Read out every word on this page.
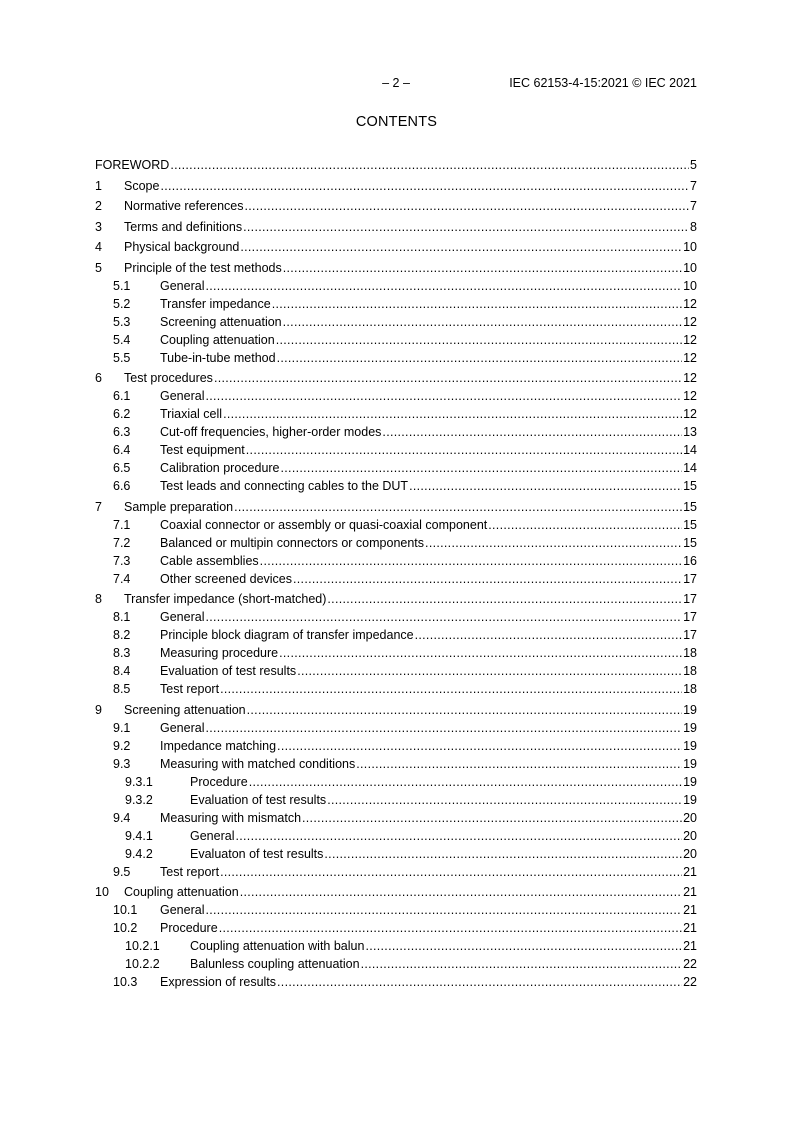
– 2 –	IEC 62153-4-15:2021 © IEC 2021
CONTENTS
FOREWORD .....	5
1	Scope .....	7
2	Normative references .....	7
3	Terms and definitions .....	8
4	Physical background .....	10
5	Principle of the test methods .....	10
5.1	General .....	10
5.2	Transfer impedance .....	12
5.3	Screening attenuation .....	12
5.4	Coupling attenuation .....	12
5.5	Tube-in-tube method .....	12
6	Test procedures .....	12
6.1	General .....	12
6.2	Triaxial cell .....	12
6.3	Cut-off frequencies, higher-order modes .....	13
6.4	Test equipment .....	14
6.5	Calibration procedure .....	14
6.6	Test leads and connecting cables to the DUT .....	15
7	Sample preparation .....	15
7.1	Coaxial connector or assembly or quasi-coaxial component .....	15
7.2	Balanced or multipin connectors or components .....	15
7.3	Cable assemblies .....	16
7.4	Other screened devices .....	17
8	Transfer impedance (short-matched) .....	17
8.1	General .....	17
8.2	Principle block diagram of transfer impedance .....	17
8.3	Measuring procedure .....	18
8.4	Evaluation of test results .....	18
8.5	Test report .....	18
9	Screening attenuation .....	19
9.1	General .....	19
9.2	Impedance matching .....	19
9.3	Measuring with matched conditions .....	19
9.3.1	Procedure .....	19
9.3.2	Evaluation of test results .....	19
9.4	Measuring with mismatch .....	20
9.4.1	General .....	20
9.4.2	Evaluaton of test results .....	20
9.5	Test report .....	21
10	Coupling attenuation .....	21
10.1	General .....	21
10.2	Procedure .....	21
10.2.1	Coupling attenuation with balun .....	21
10.2.2	Balunless coupling attenuation .....	22
10.3	Expression of results .....	22
